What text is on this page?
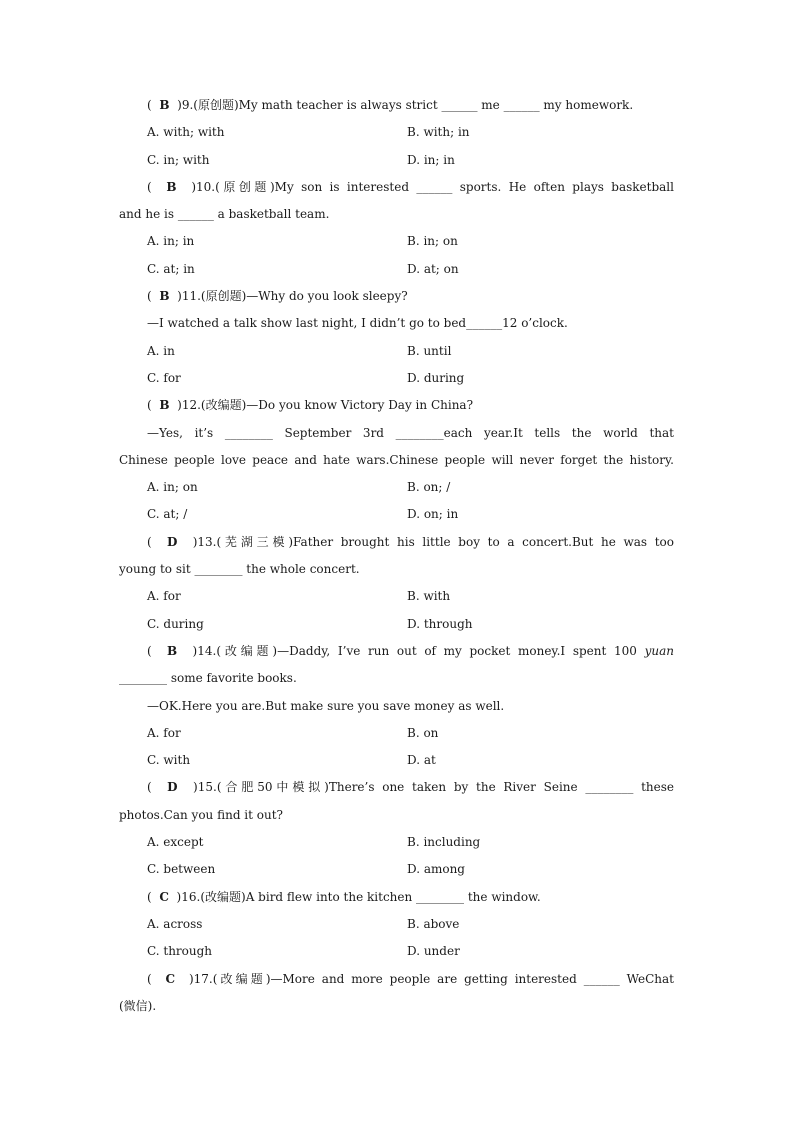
( B )9.(原创题)My math teacher is always strict ______ me ______ my homework.
A. with; with	B. with; in
C. in; with	D. in; in
( B )10.(原创题)My son is interested ______ sports. He often plays basketball
and he is ______ a basketball team.
A. in; in	B. in; on
C. at; in	D. at; on
( B )11.(原创题)—Why do you look sleepy?
—I watched a talk show last night, I didn’t go to bed______12 o’clock.
A. in	B. until
C. for	D. during
( B )12.(改编题)—Do you know Victory Day in China?
—Yes, it’s ________ September 3rd ________each year.It tells the world that
Chinese people love peace and hate wars.Chinese people will never forget the history.
A. in; on	B. on; /
C. at; /	D. on; in
( D )13.(芜湖三模)Father brought his little boy to a concert.But he was too
young to sit ________ the whole concert.
A. for	B. with
C. during	D. through
( B )14.(改编题)—Daddy, I’ve run out of my pocket money.I spent 100 yuan
________ some favorite books.
—OK.Here you are.But make sure you save money as well.
A. for	B. on
C. with	D. at
( D )15.(合肥50中模拟)There’s one taken by the River Seine ________ these
photos.Can you find it out?
A. except	B. including
C. between	D. among
( C )16.(改编题)A bird flew into the kitchen ________ the window.
A. across	B. above
C. through	D. under
( C )17.(改编题)—More and more people are getting interested ______ WeChat
(微信).
